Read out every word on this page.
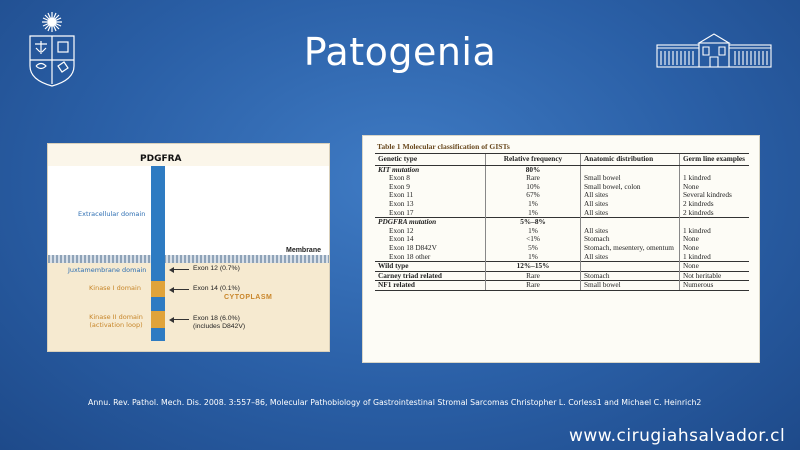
Patogenia
PDGFRA
Extracellular domain
Membrane
CYTOPLASM
Juxtamembrane domain
Kinase I domain
Kinase II domain
(activation loop)
Exon 12 (0.7%)
Exon 14 (0.1%)
Exon 18 (6.0%)
(includes D842V)
Table 1 Molecular classification of GISTs
Genetic type	Relative frequency	Anatomic distribution	Germ line examples
KIT mutation	80%		
Exon 8	Rare	Small bowel	1 kindred
Exon 9	10%	Small bowel, colon	None
Exon 11	67%	All sites	Several kindreds
Exon 13	1%	All sites	2 kindreds
Exon 17	1%	All sites	2 kindreds
PDGFRA mutation	5%–8%		
Exon 12	1%	All sites	1 kindred
Exon 14	<1%	Stomach	None
Exon 18 D842V	5%	Stomach, mesentery, omentum	None
Exon 18 other	1%	All sites	1 kindred
Wild type	12%–15%		None
Carney triad related	Rare	Stomach	Not heritable
NF1 related	Rare	Small bowel	Numerous
Annu. Rev. Pathol. Mech. Dis. 2008. 3:557–86, Molecular Pathobiology of Gastrointestinal Stromal Sarcomas Christopher L. Corless1 and Michael C. Heinrich2
www.cirugiahsalvador.cl
